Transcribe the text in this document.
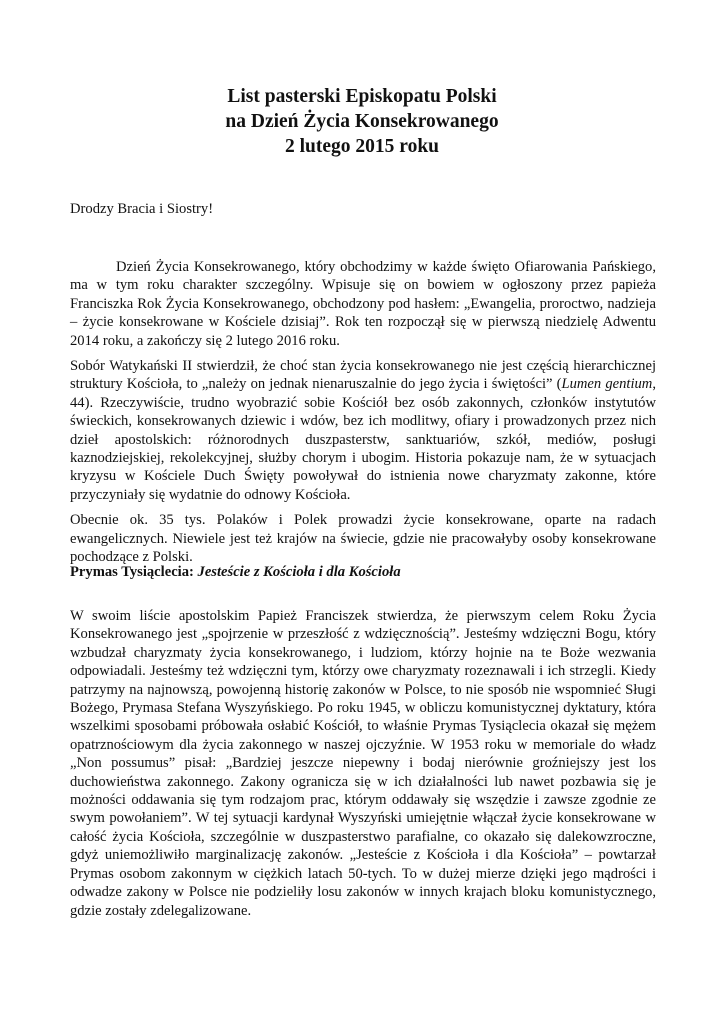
List pasterski Episkopatu Polski
na Dzień Życia Konsekrowanego
2 lutego 2015 roku

Drodzy Bracia i Siostry!

Dzień Życia Konsekrowanego, który obchodzimy w każde święto Ofiarowania Pańskiego, ma w tym roku charakter szczególny. Wpisuje się on bowiem w ogłoszony przez papieża Franciszka Rok Życia Konsekrowanego, obchodzony pod hasłem: „Ewangelia, proroctwo, nadzieja – życie konsekrowane w Kościele dzisiaj”. Rok ten rozpoczął się w pierwszą niedzielę Adwentu 2014 roku, a zakończy się 2 lutego 2016 roku.

Sobór Watykański II stwierdził, że choć stan życia konsekrowanego nie jest częścią hierarchicznej struktury Kościoła, to „należy on jednak nienaruszalnie do jego życia i świętości” (Lumen gentium, 44). Rzeczywiście, trudno wyobrazić sobie Kościół bez osób zakonnych, członków instytutów świeckich, konsekrowanych dziewic i wdów, bez ich modlitwy, ofiary i prowadzonych przez nich dzieł apostolskich: różnorodnych duszpasterstw, sanktuariów, szkół, mediów, posługi kaznodziejskiej, rekolekcyjnej, służby chorym i ubogim. Historia pokazuje nam, że w sytuacjach kryzysu w Kościele Duch Święty powoływał do istnienia nowe charyzmaty zakonne, które przyczyniały się wydatnie do odnowy Kościoła.

Obecnie ok. 35 tys. Polaków i Polek prowadzi życie konsekrowane, oparte na radach ewangelicznych. Niewiele jest też krajów na świecie, gdzie nie pracowałyby osoby konsekrowane pochodzące z Polski.

Prymas Tysiąclecia: Jesteście z Kościoła i dla Kościoła

W swoim liście apostolskim Papież Franciszek stwierdza, że pierwszym celem Roku Życia Konsekrowanego jest „spojrzenie w przeszłość z wdzięcznością”. Jesteśmy wdzięczni Bogu, który wzbudzał charyzmaty życia konsekrowanego, i ludziom, którzy hojnie na te Boże wezwania odpowiadali. Jesteśmy też wdzięczni tym, którzy owe charyzmaty rozeznawali i ich strzegli. Kiedy patrzymy na najnowszą, powojenną historię zakonów w Polsce, to nie sposób nie wspomnieć Sługi Bożego, Prymasa Stefana Wyszyńskiego. Po roku 1945, w obliczu komunistycznej dyktatury, która wszelkimi sposobami próbowała osłabić Kościół, to właśnie Prymas Tysiąclecia okazał się mężem opatrznościowym dla życia zakonnego w naszej ojczyźnie. W 1953 roku w memoriale do władz „Non possumus” pisał: „Bardziej jeszcze niepewny i bodaj nierównie groźniejszy jest los duchowieństwa zakonnego. Zakony ogranicza się w ich działalności lub nawet pozbawia się je możności oddawania się tym rodzajom prac, którym oddawały się wszędzie i zawsze zgodnie ze swym powołaniem”. W tej sytuacji kardynał Wyszyński umiejętnie włączał życie konsekrowane w całość życia Kościoła, szczególnie w duszpasterstwo parafialne, co okazało się dalekowzroczne, gdyż uniemożliwiło marginalizację zakonów. „Jesteście z Kościoła i dla Kościoła” – powtarzał Prymas osobom zakonnym w ciężkich latach 50-tych. To w dużej mierze dzięki jego mądrości i odwadze zakony w Polsce nie podzieliły losu zakonów w innych krajach bloku komunistycznego, gdzie zostały zdelegalizowane.
